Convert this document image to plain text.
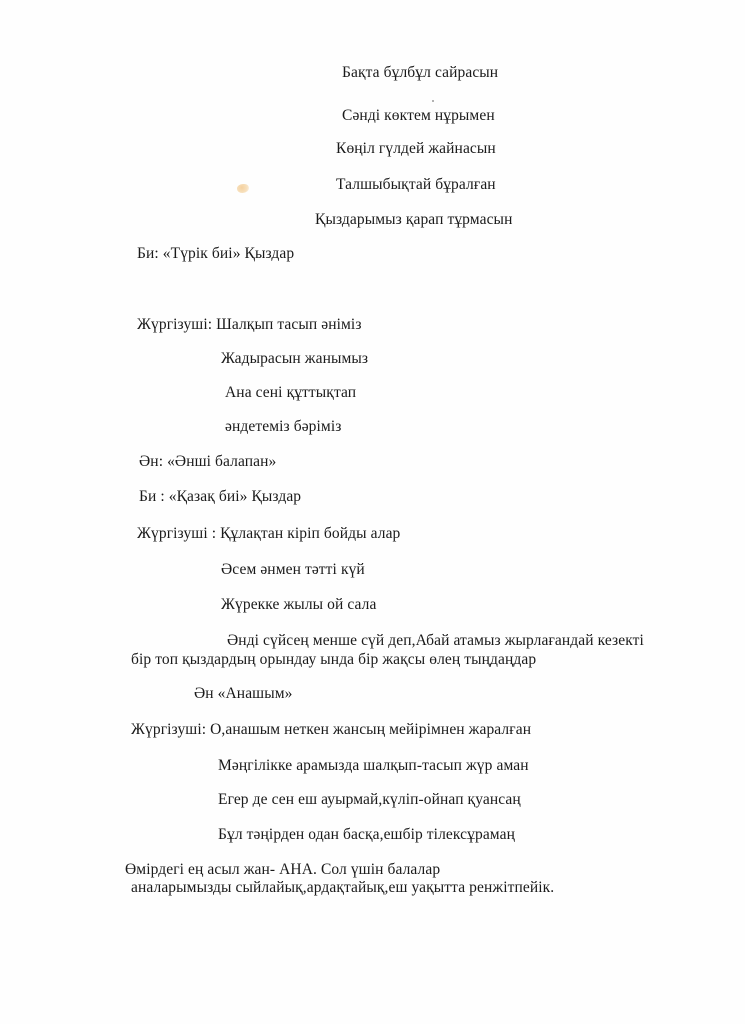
Бақта бұлбұл сайрасын
Сәнді көктем нұрымен
Көңіл гүлдей жайнасын
Талшыбықтай бұралған
Қыздарымыз қарап тұрмасын
Би: «Түрік биі» Қыздар
Жүргізуші: Шалқып тасып әніміз
Жадырасын жанымыз
Ана сені құттықтап
әндетеміз бәріміз
Ән: «Әнші балапан»
Би : «Қазақ биі» Қыздар
Жүргізуші : Құлақтан кіріп бойды алар
Әсем әнмен тәтті күй
Жүрекке жылы ой сала
Әнді сүйсең менше сүй деп,Абай атамыз жырлағандай кезекті
бір топ қыздардың орындау ында бір жақсы өлең тыңдаңдар
Ән «Анашым»
Жүргізуші: О,анашым неткен жансың мейірімнен жаралған
Мәңгілікке арамызда шалқып-тасып жүр аман
Егер де сен еш ауырмай,күліп-ойнап қуансаң
Бұл тәңірден одан басқа,ешбір тілексұрамаң
Өмірдегі ең асыл жан- АНА. Сол үшін балалар
аналарымызды сыйлайық,ардақтайық,еш уақытта ренжітпейік.
